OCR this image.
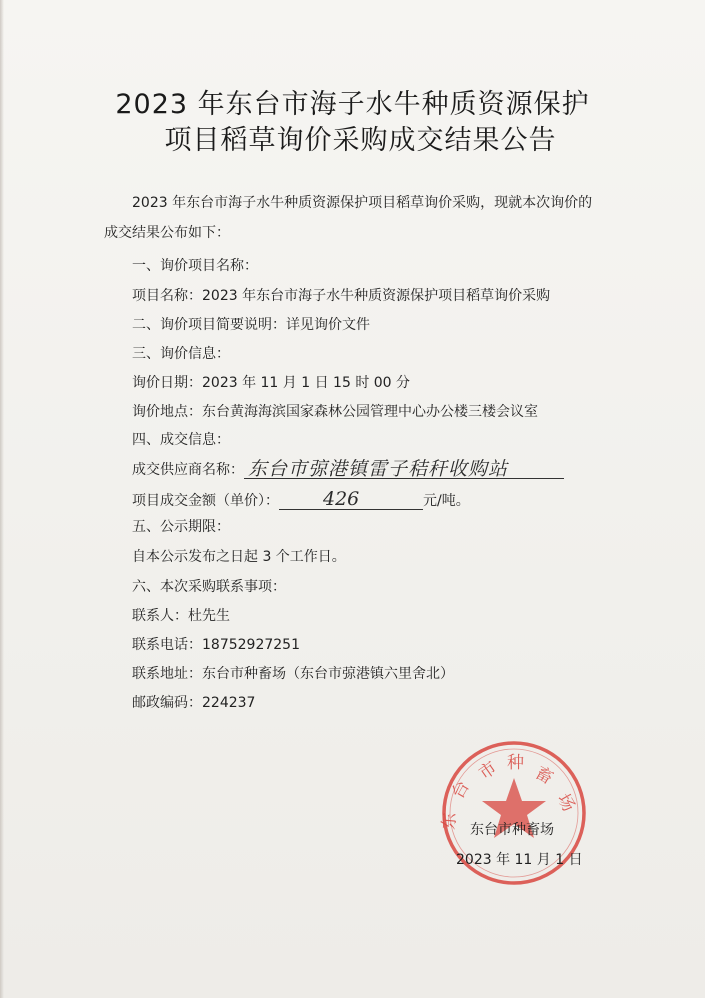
2023 年东台市海子水牛种质资源保护
项目稻草询价采购成交结果公告
2023 年东台市海子水牛种质资源保护项目稻草询价采购，现就本次询价的
成交结果公布如下：
一、询价项目名称：
项目名称：2023 年东台市海子水牛种质资源保护项目稻草询价采购
二、询价项目简要说明：详见询价文件
三、询价信息：
询价日期：2023 年 11 月 1 日 15 时 00 分
询价地点：东台黄海海滨国家森林公园管理中心办公楼三楼会议室
四、成交信息：
成交供应商名称： 东台市弶港镇雷子秸秆收购站
项目成交金额（单价）： 426	元/吨。
五、公示期限：
自本公示发布之日起 3 个工作日。
六、本次采购联系事项：
联系人：杜先生
联系电话：18752927251
联系地址：东台市种畜场（东台市弶港镇六里舍北）
邮政编码：224237
市 种
畜
场
台
东 东台市种畜场
2023 年 11 月 1 日
